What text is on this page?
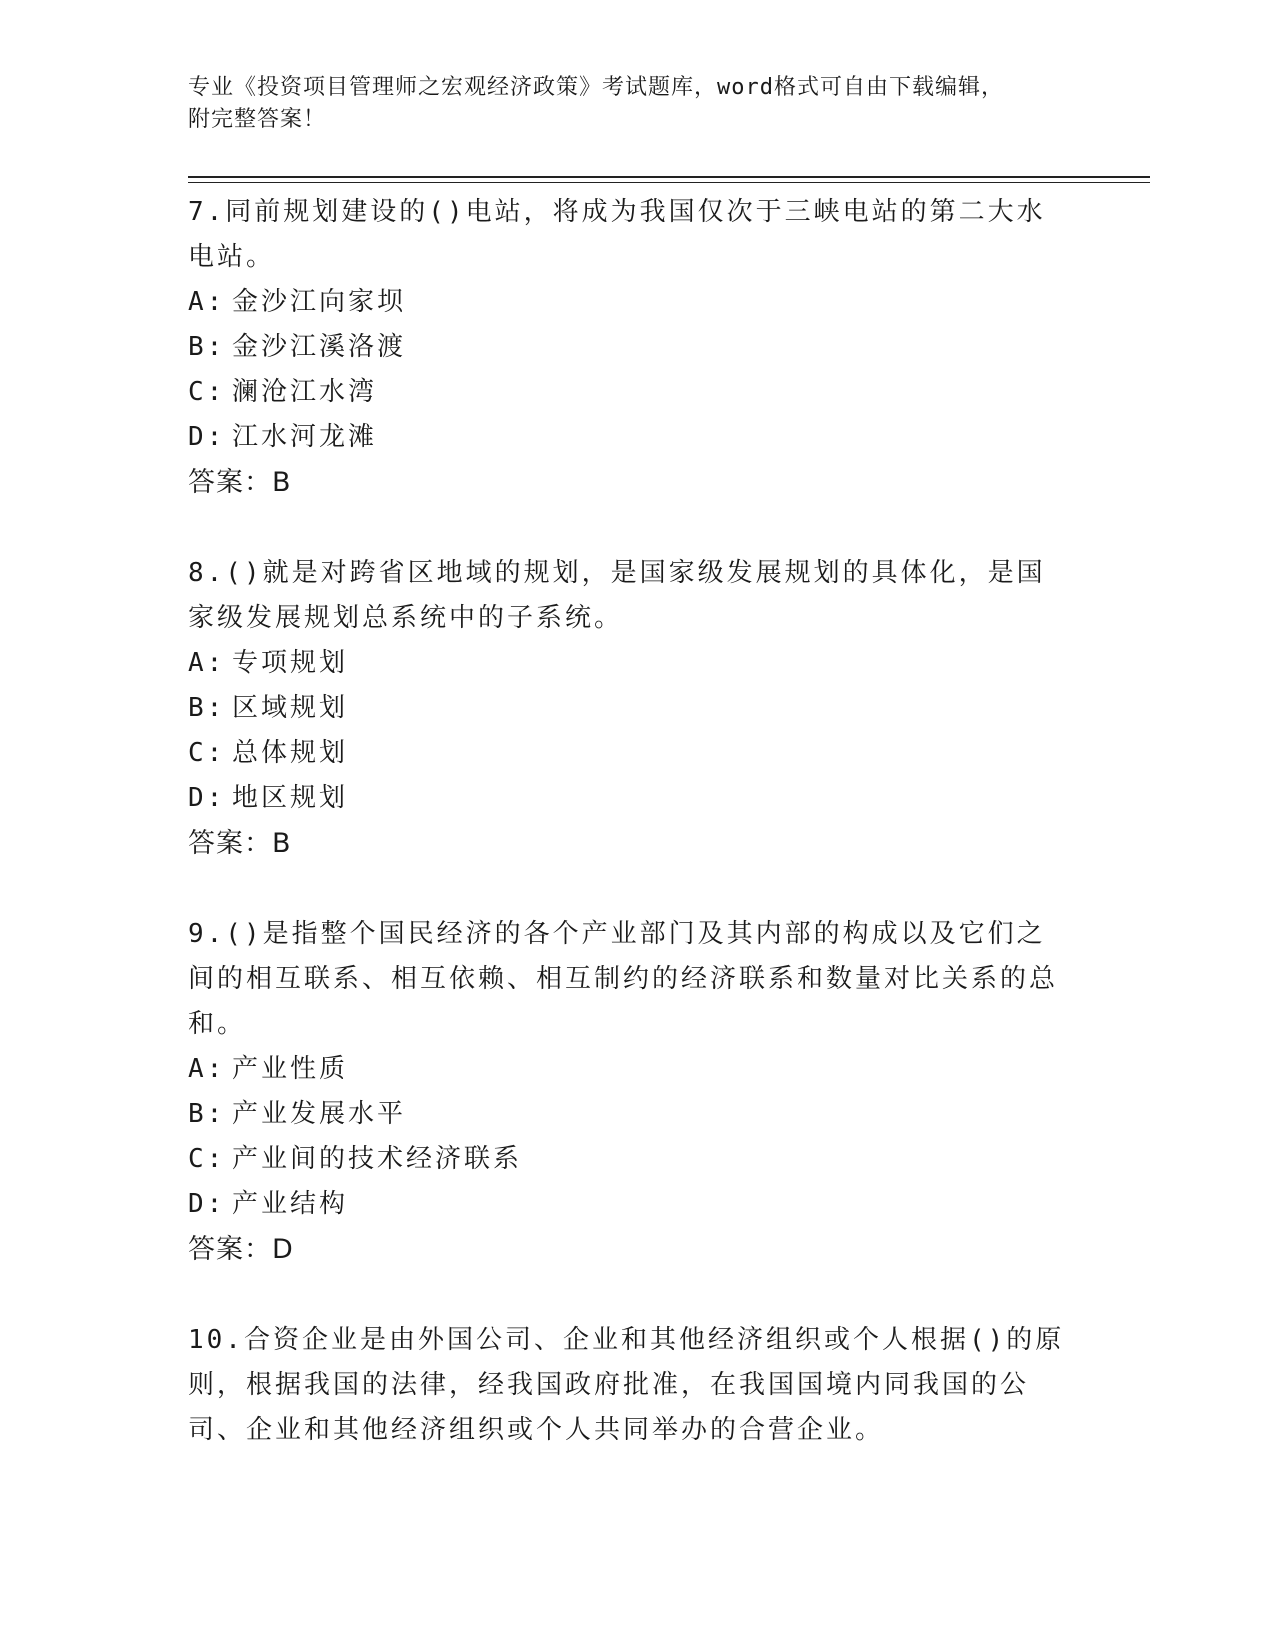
专业《投资项目管理师之宏观经济政策》考试题库，word格式可自由下载编辑，
附完整答案！
7.同前规划建设的()电站，将成为我国仅次于三峡电站的第二大水电站。
A: 金沙江向家坝
B: 金沙江溪洛渡
C: 澜沧江水湾
D: 江水河龙滩
答案：B
8.()就是对跨省区地域的规划，是国家级发展规划的具体化，是国家级发展规划总系统中的子系统。
A: 专项规划
B: 区域规划
C: 总体规划
D: 地区规划
答案：B
9.()是指整个国民经济的各个产业部门及其内部的构成以及它们之间的相互联系、相互依赖、相互制约的经济联系和数量对比关系的总和。
A: 产业性质
B: 产业发展水平
C: 产业间的技术经济联系
D: 产业结构
答案：D
10.合资企业是由外国公司、企业和其他经济组织或个人根据()的原则，根据我国的法律，经我国政府批准，在我国国境内同我国的公司、企业和其他经济组织或个人共同举办的合营企业。
